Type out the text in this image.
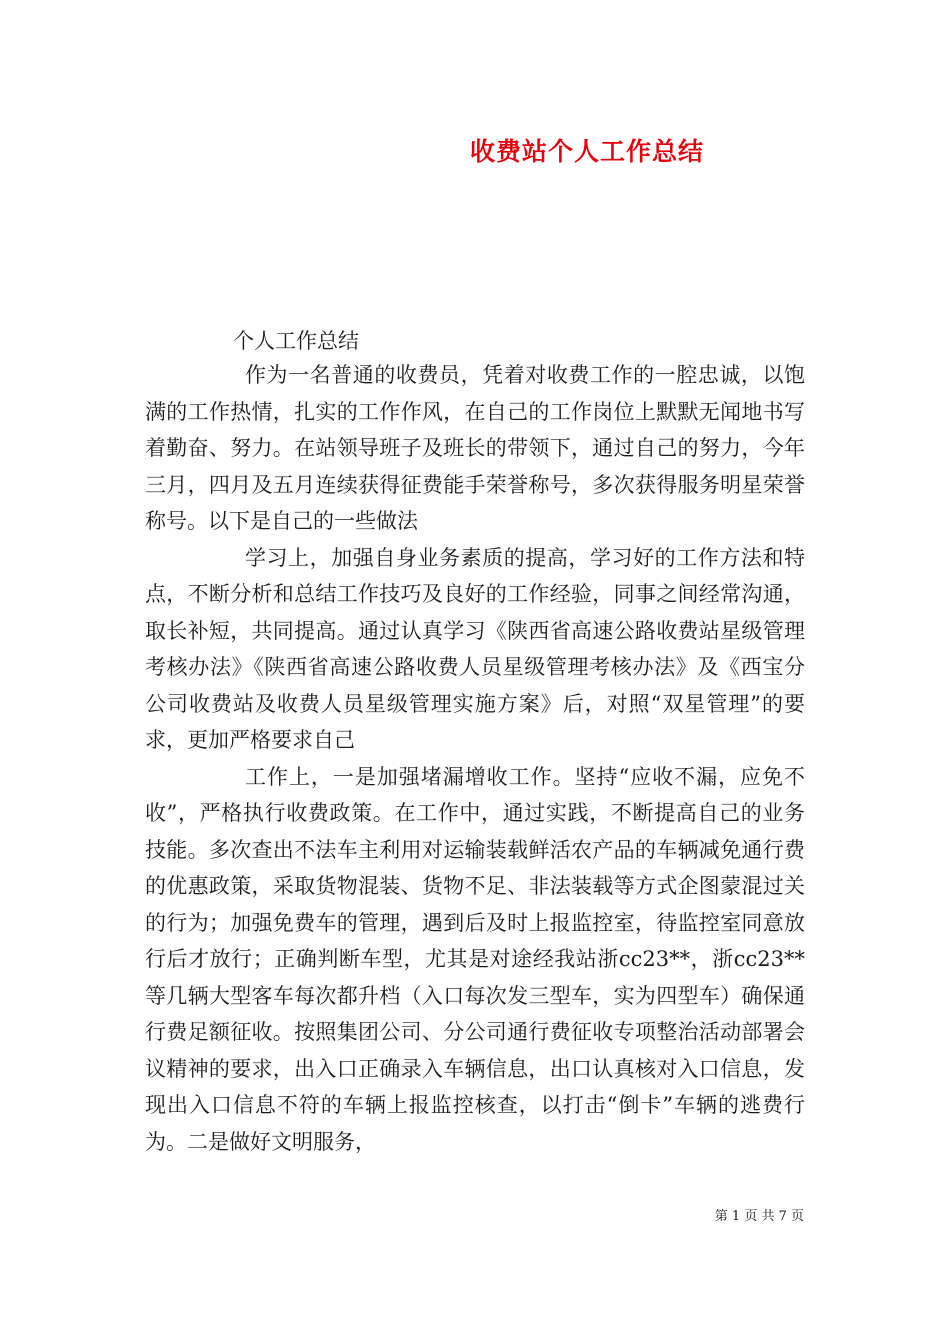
收费站个人工作总结

个人工作总结

作为一名普通的收费员，凭着对收费工作的一腔忠诚，以饱满的工作热情，扎实的工作作风，在自己的工作岗位上默默无闻地书写着勤奋、努力。在站领导班子及班长的带领下，通过自己的努力，今年三月，四月及五月连续获得征费能手荣誉称号，多次获得服务明星荣誉称号。以下是自己的一些做法

学习上，加强自身业务素质的提高，学习好的工作方法和特点，不断分析和总结工作技巧及良好的工作经验，同事之间经常沟通，取长补短，共同提高。通过认真学习《陕西省高速公路收费站星级管理考核办法》《陕西省高速公路收费人员星级管理考核办法》及《西宝分公司收费站及收费人员星级管理实施方案》后，对照“双星管理”的要求，更加严格要求自己

工作上，一是加强堵漏增收工作。坚持“应收不漏，应免不收”，严格执行收费政策。在工作中，通过实践，不断提高自己的业务技能。多次查出不法车主利用对运输装载鲜活农产品的车辆减免通行费的优惠政策，采取货物混装、货物不足、非法装载等方式企图蒙混过关的行为；加强免费车的管理，遇到后及时上报监控室，待监控室同意放行后才放行；正确判断车型，尤其是对途经我站浙cc23**，浙cc23**等几辆大型客车每次都升档（入口每次发三型车，实为四型车）确保通行费足额征收。按照集团公司、分公司通行费征收专项整治活动部署会议精神的要求，出入口正确录入车辆信息，出口认真核对入口信息，发现出入口信息不符的车辆上报监控核查，以打击“倒卡”车辆的逃费行为。二是做好文明服务，

第 1 页 共 7 页
